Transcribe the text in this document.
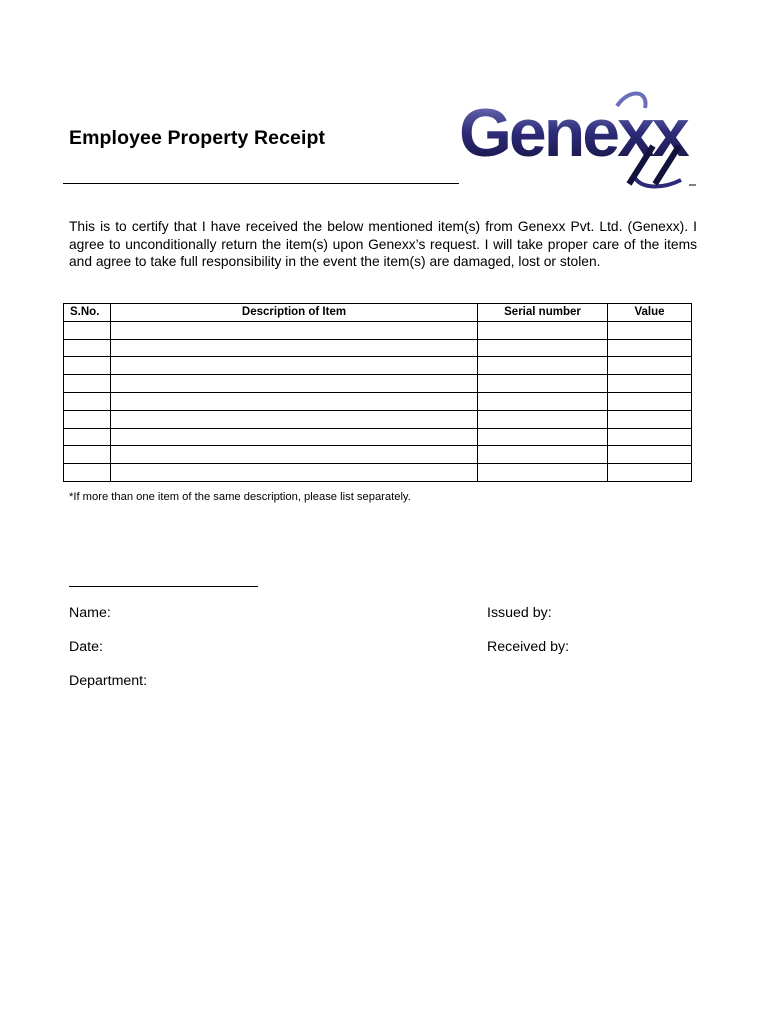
Employee Property Receipt Genexx

This is to certify that I have received the below mentioned item(s) from Genexx Pvt. Ltd. (Genexx). I agree to unconditionally return the item(s) upon Genexx’s request. I will take proper care of the items and agree to take full responsibility in the event the item(s) are damaged, lost or stolen.

S.No.	Description of Item	Serial number	Value

*If more than one item of the same description, please list separately.
Name:
Date:
Department:
Issued by:
Received by:
